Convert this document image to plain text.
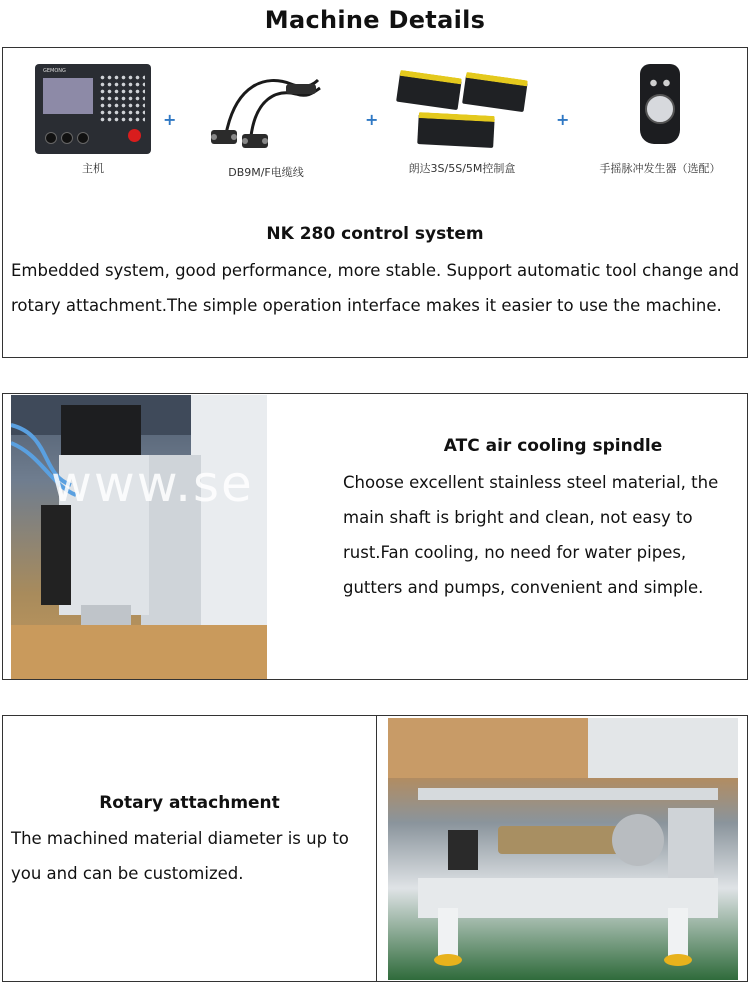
Machine Details
GEMONG
主机
+
DB9M/F电缆线
+
朗达3S/5S/5M控制盒
+
手摇脉冲发生器（选配）
NK 280 control system
Embedded system, good performance, more stable. Support automatic tool change and rotary attachment.The simple operation interface makes it easier to use the machine.
www.se
ATC air cooling spindle
Choose excellent stainless steel material, the main shaft is bright and clean, not easy to rust.Fan cooling, no need for water pipes, gutters and pumps, convenient and simple.
Rotary attachment
The machined material diameter is up to you and can be customized.
